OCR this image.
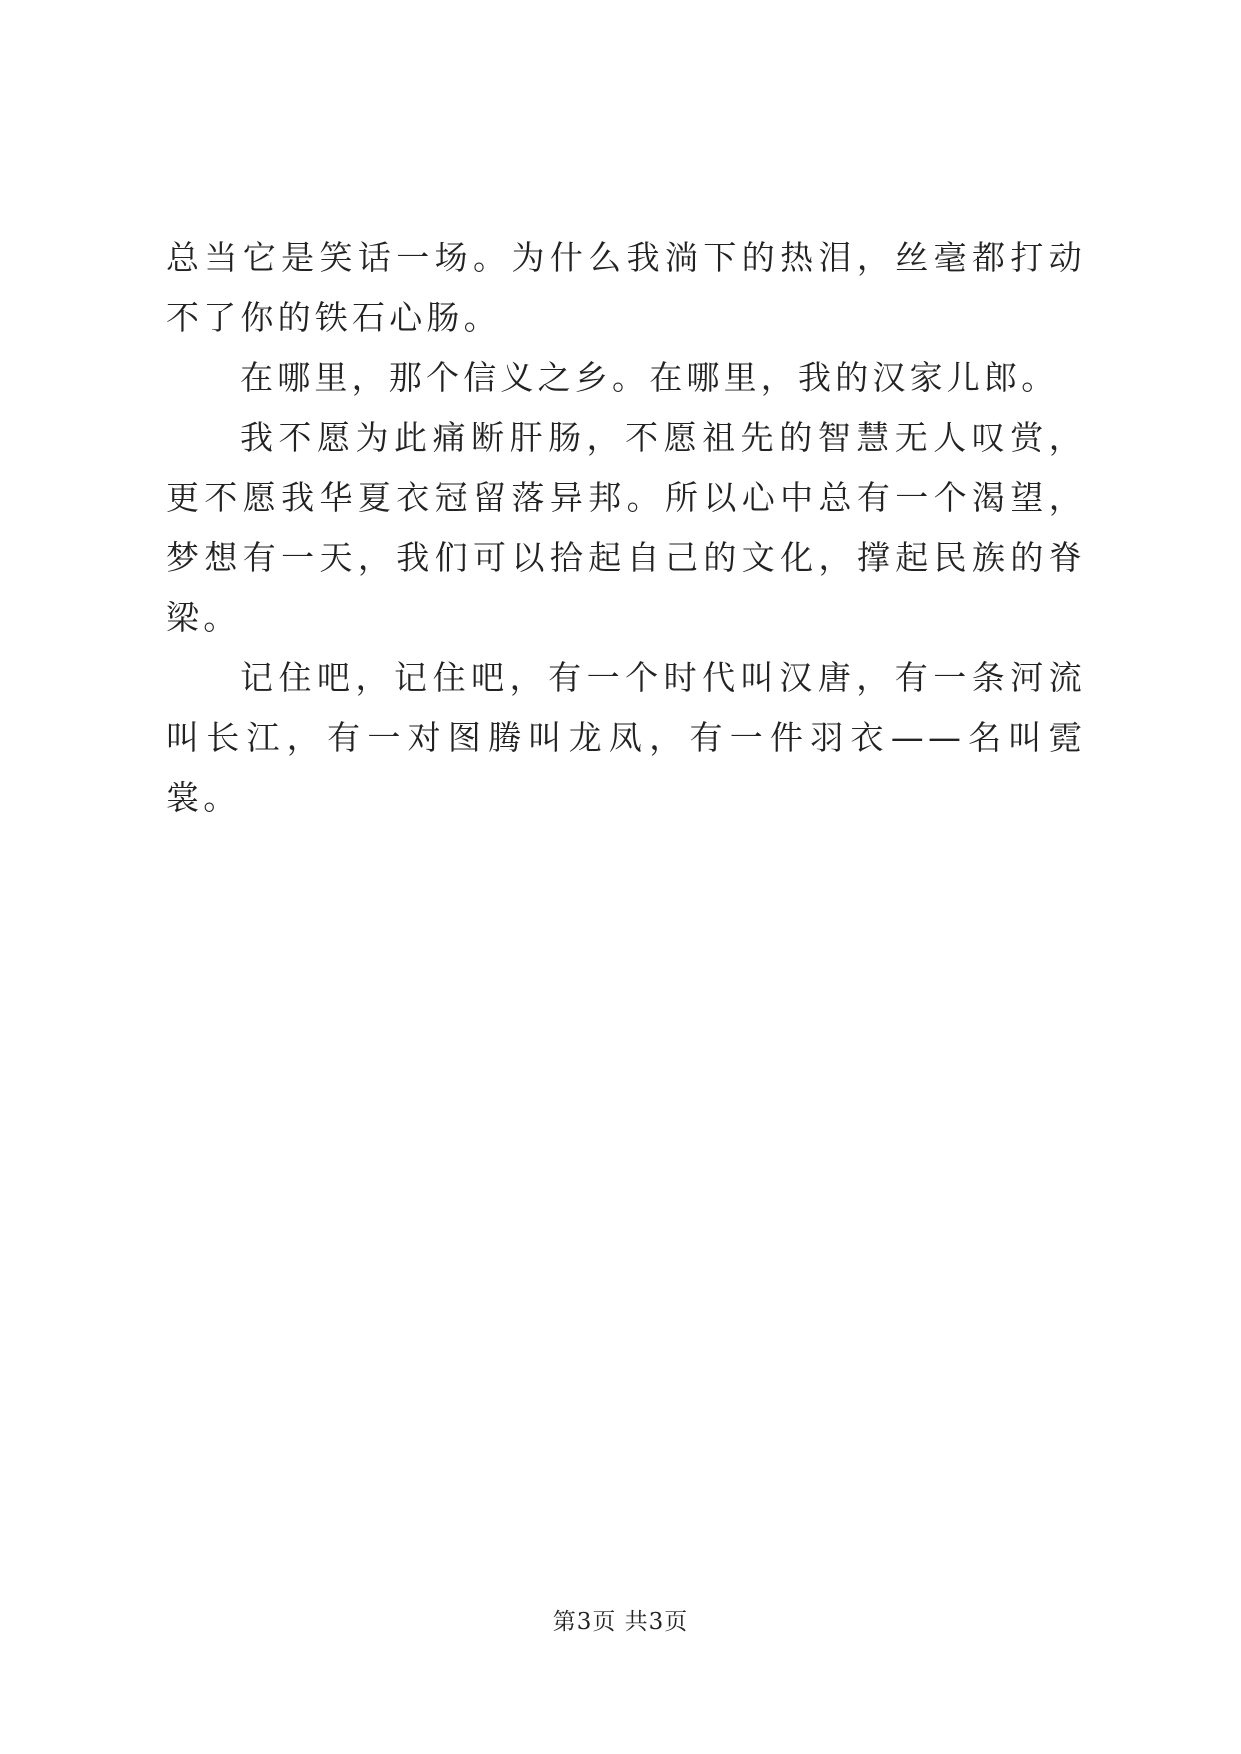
总当它是笑话一场。为什么我淌下的热泪，丝毫都打动不了你的铁石心肠。

在哪里，那个信义之乡。在哪里，我的汉家儿郎。

我不愿为此痛断肝肠，不愿祖先的智慧无人叹赏，更不愿我华夏衣冠留落异邦。所以心中总有一个渴望，梦想有一天，我们可以拾起自己的文化，撑起民族的脊梁。

记住吧，记住吧，有一个时代叫汉唐，有一条河流叫长江，有一对图腾叫龙凤，有一件羽衣——名叫霓裳。

第3页 共3页
